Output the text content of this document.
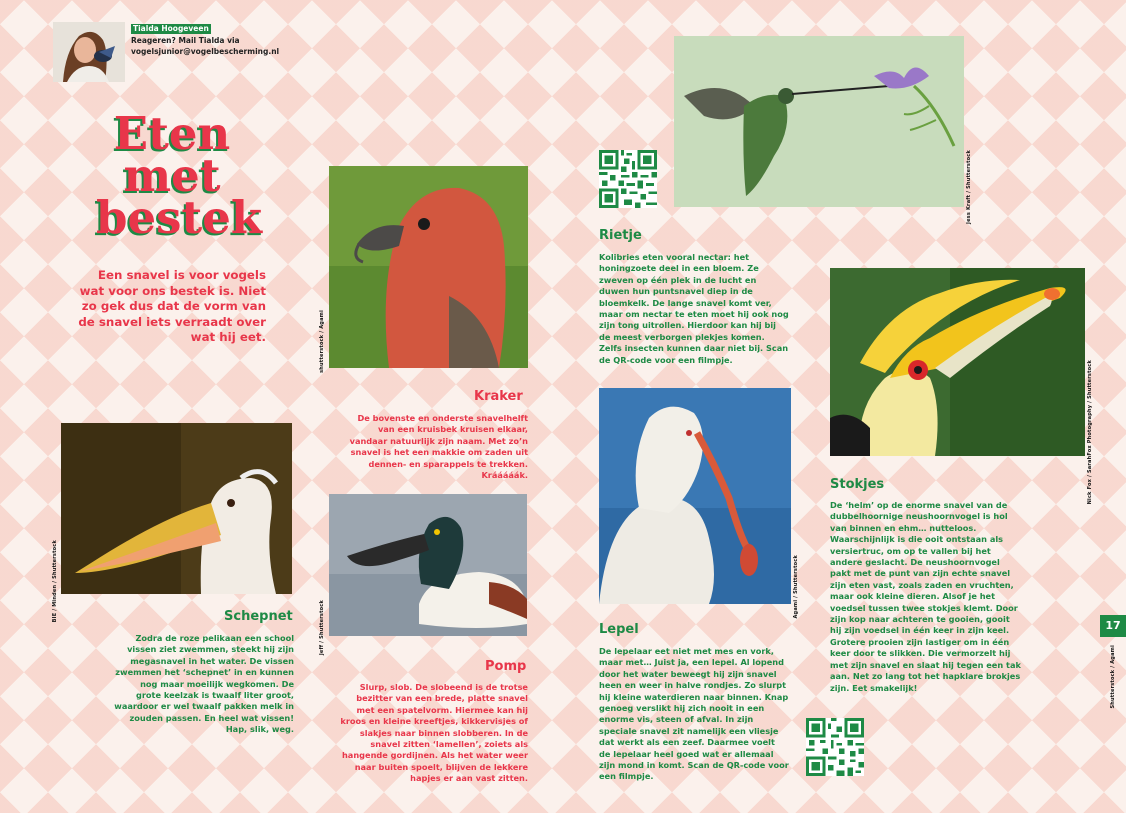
Tialda Hoogeveen
Reageren? Mail Tialda via
vogelsjunior@vogelbescherming.nl
Eten
met
bestek

Een snavel is voor vogels wat voor ons bestek is. Niet zo gek dus dat de vorm van de snavel iets verraadt over wat hij eet.

BIE / Minden / Shutterstock	Schepnet

Zodra de roze pelikaan een school vissen ziet zwemmen, steekt hij zijn megasnavel in het water. De vissen zwemmen het ‘schepnet’ in en kunnen nog maar moeilijk wegkomen. De grote keelzak is twaalf liter groot, waardoor er wel twaalf pakken melk in zouden passen. En heel wat vissen! Hap, slik, weg.

shutterstock / Agami
Kraker

De bovenste en onderste snavelhelft van een kruisbek kruisen elkaar, vandaar natuurlijk zijn naam. Met zo’n snavel is het een makkie om zaden uit dennen- en sparappels te trekken. Krááááák.

Jeff / Shutterstock
Pomp

Slurp, slob. De slobeend is de trotse bezitter van een brede, platte snavel met een spatelvorm. Hiermee kan hij kroos en kleine kreeftjes, kikkervisjes of slakjes naar binnen slobberen. In de snavel zitten ‘lamellen’, zoiets als hangende gordijnen. Als het water weer naar buiten spoelt, blijven de lekkere hapjes er aan vast zitten.

Jess Kraft / Shutterstock
Rietje

Kolibries eten vooral nectar: het honingzoete deel in een bloem. Ze zweven op één plek in de lucht en duwen hun puntsnavel diep in de bloemkelk. De lange snavel komt ver, maar om nectar te eten moet hij ook nog zijn tong uitrollen. Hierdoor kan hij bij de meest verborgen plekjes komen. Zelfs insecten kunnen daar niet bij. Scan de QR-code voor een filmpje.

Agami / Shutterstock
Lepel

De lepelaar eet niet met mes en vork, maar met… Juist ja, een lepel. Al lopend door het water beweegt hij zijn snavel heen en weer in halve rondjes. Zo slurpt hij kleine waterdieren naar binnen. Knap genoeg verslikt hij zich nooit in een enorme vis, steen of afval. In zijn speciale snavel zit namelijk een vliesje dat werkt als een zeef. Daarmee voelt de lepelaar heel goed wat er allemaal zijn mond in komt. Scan de QR-code voor een filmpje.

Nick Fox / SarahFox Photography / Shutterstock
Stokjes

De ‘helm’ op de enorme snavel van de dubbelhoornige neushoornvogel is hol van binnen en ehm… nutteloos. Waarschijnlijk is die ooit ontstaan als versiertruc, om op te vallen bij het andere geslacht. De neushoornvogel pakt met de punt van zijn echte snavel zijn eten vast, zoals zaden en vruchten, maar ook kleine dieren. Alsof je het voedsel tussen twee stokjes klemt. Door zijn kop naar achteren te gooien, gooit hij zijn voedsel in één keer in zijn keel. Grotere prooien zijn lastiger om in één keer door te slikken. Die vermorzelt hij met zijn snavel en slaat hij tegen een tak aan. Net zo lang tot het hapklare brokjes zijn. Eet smakelijk!

17
Shutterstock / Agami
